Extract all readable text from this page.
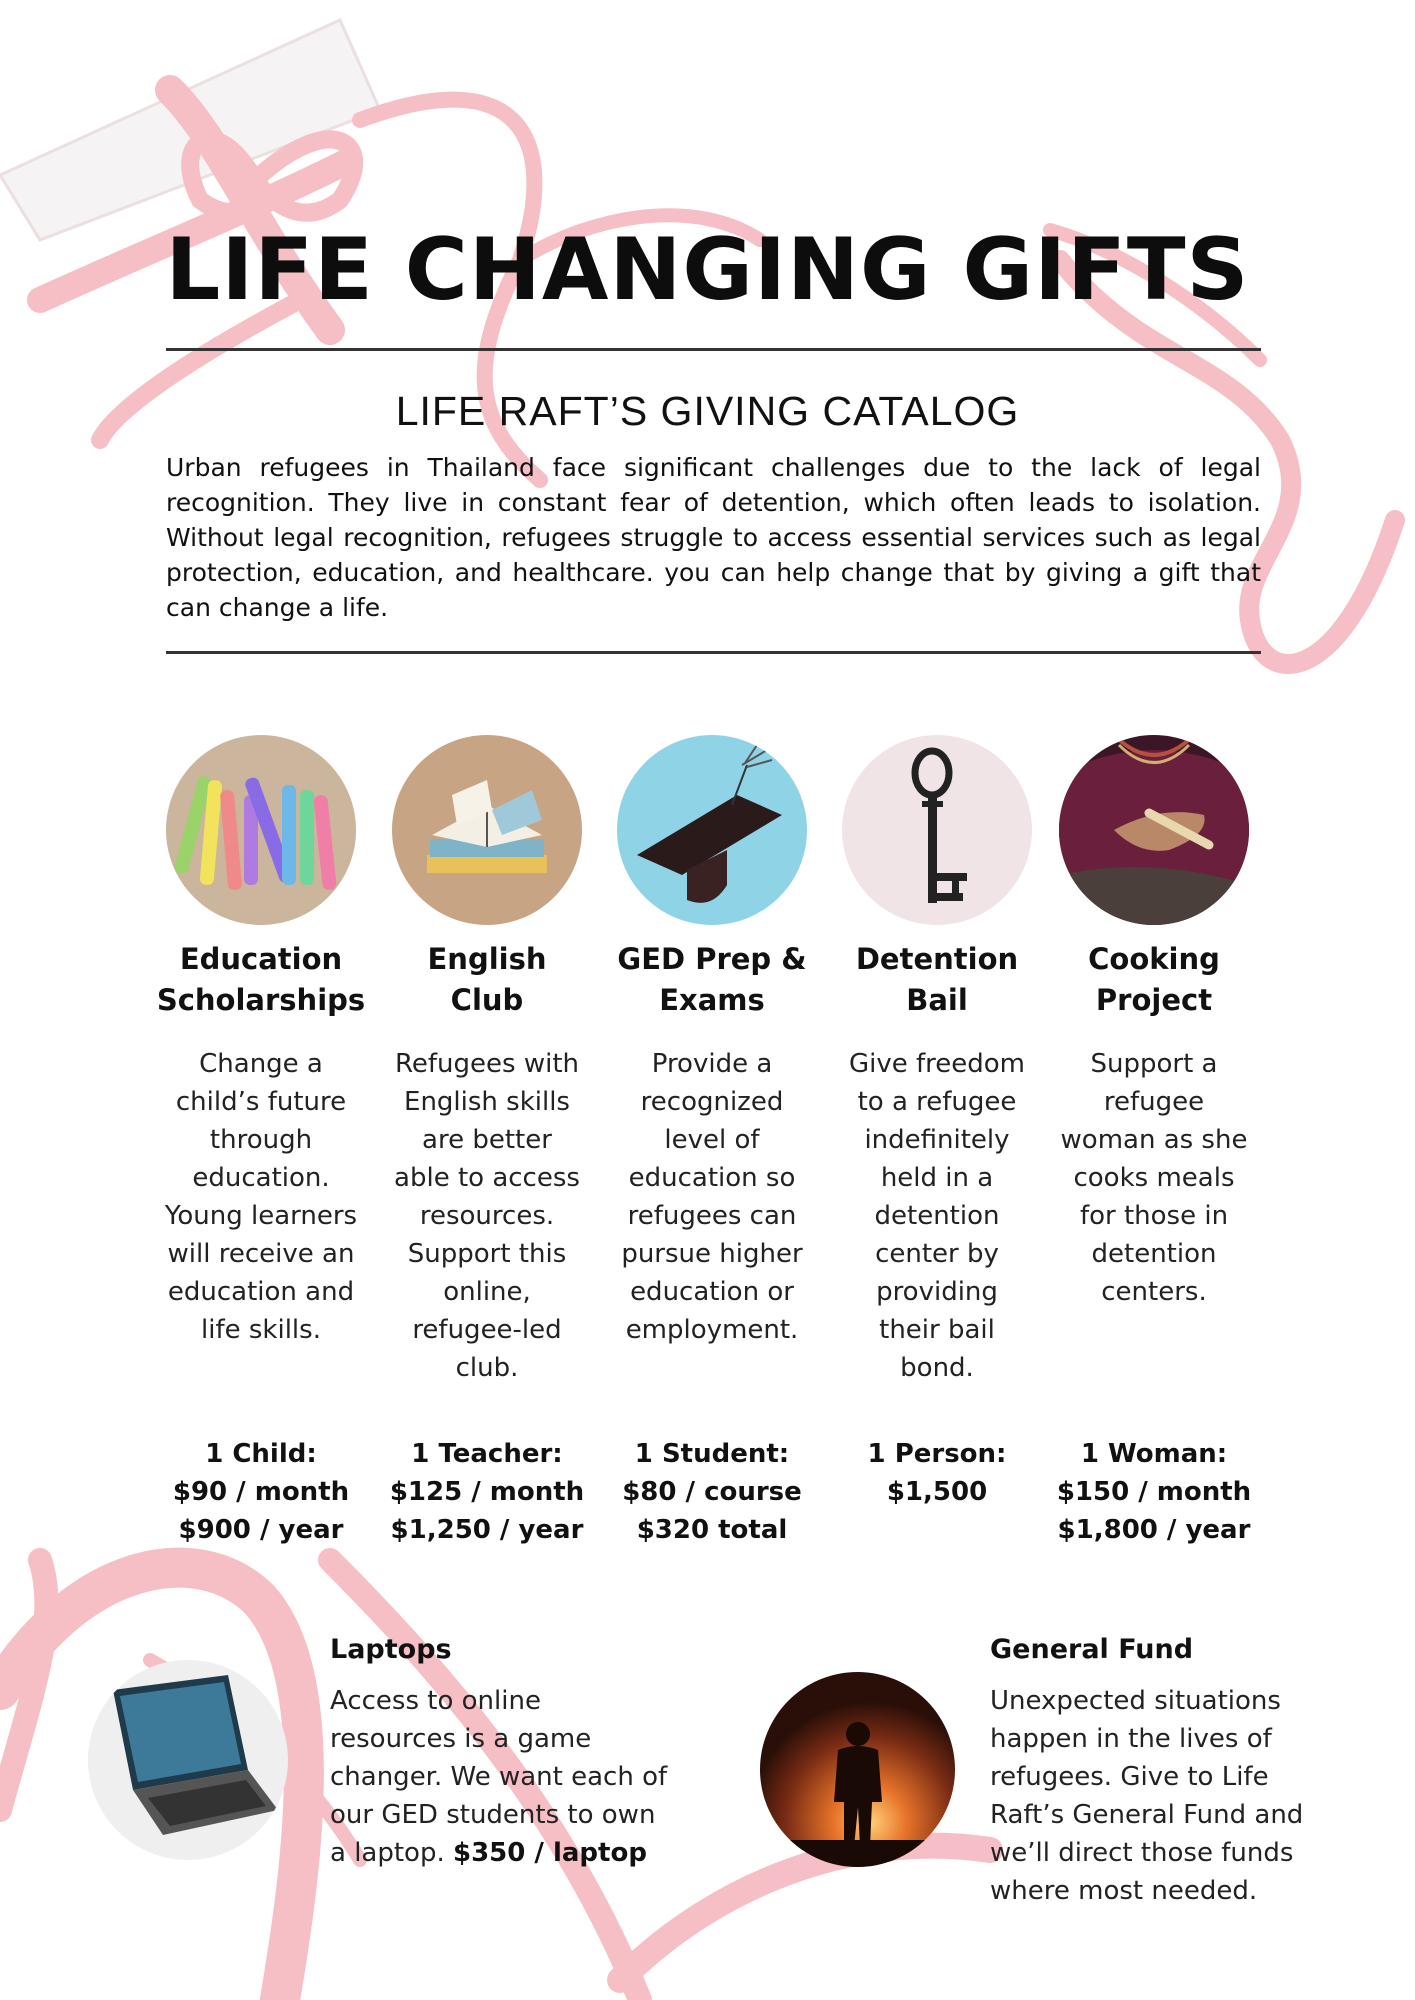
LIFE CHANGING GIFTS
LIFE RAFT’S GIVING CATALOG
Urban refugees in Thailand face significant challenges due to the lack of legal recognition. They live in constant fear of detention, which often leads to isolation. Without legal recognition, refugees struggle to access essential services such as legal protection, education, and healthcare. you can help change that by giving a gift that can change a life.
Education
Scholarships
Change a
child’s future
through
education.
Young learners
will receive an
education and
life skills.
1 Child:
$90 / month
$900 / year
English
Club
Refugees with
English skills
are better
able to access
resources.
Support this
online,
refugee-led
club.
1 Teacher:
$125 / month
$1,250 / year
GED Prep &
Exams
Provide a
recognized
level of
education so
refugees can
pursue higher
education or
employment.
1 Student:
$80 / course
$320 total
Detention
Bail
Give freedom
to a refugee
indefinitely
held in a
detention
center by
providing
their bail
bond.
1 Person:
$1,500
Cooking
Project
Support a
refugee
woman as she
cooks meals
for those in
detention
centers.
1 Woman:
$150 / month
$1,800 / year
Laptops
Access to online resources is a game changer. We want each of our GED students to own a laptop. $350 / laptop
General Fund
Unexpected situations happen in the lives of refugees. Give to Life Raft’s General Fund and we’ll direct those funds where most needed.
